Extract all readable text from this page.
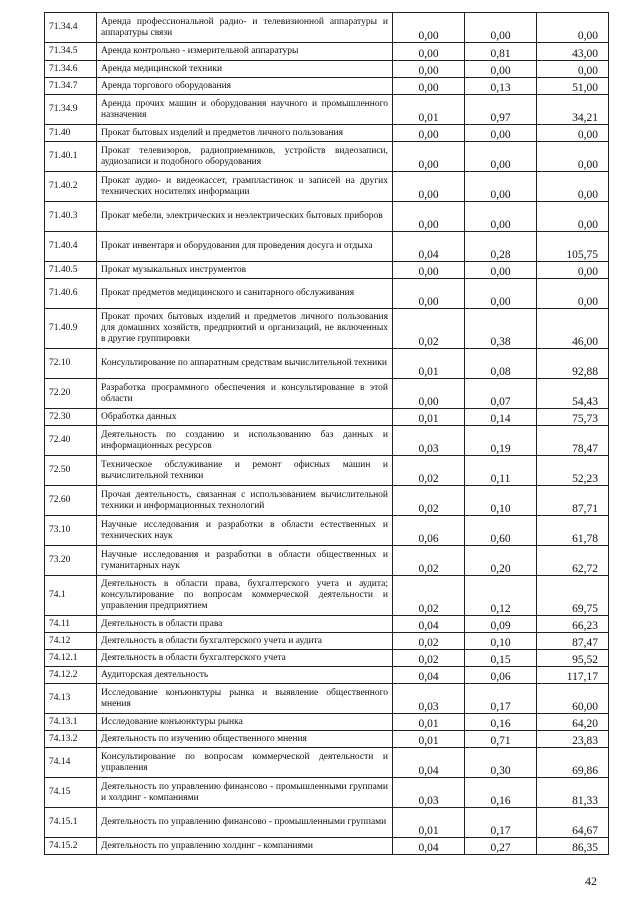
71.34.4	Аренда профессиональной радио- и телевизионной аппаратуры и аппаратуры связи	0,00	0,00	0,00
71.34.5	Аренда контрольно - измерительной аппаратуры	0,00	0,81	43,00
71.34.6	Аренда медицинской техники	0,00	0,00	0,00
71.34.7	Аренда торгового оборудования	0,00	0,13	51,00
71.34.9	Аренда прочих машин и оборудования научного и промышленного назначения	0,01	0,97	34,21
71.40	Прокат бытовых изделий и предметов личного пользования	0,00	0,00	0,00
71.40.1	Прокат телевизоров, радиоприемников, устройств видеозаписи, аудиозаписи и подобного оборудования	0,00	0,00	0,00
71.40.2	Прокат аудио- и видеокассет, грампластинок и записей на других технических носителях информации	0,00	0,00	0,00
71.40.3	Прокат мебели, электрических и неэлектрических бытовых приборов	0,00	0,00	0,00
71.40.4	Прокат инвентаря и оборудования для проведения досуга и отдыха	0,04	0,28	105,75
71.40.5	Прокат музыкальных инструментов	0,00	0,00	0,00
71.40.6	Прокат предметов медицинского и санитарного обслуживания	0,00	0,00	0,00
71.40.9	Прокат прочих бытовых изделий и предметов личного пользования для домашних хозяйств, предприятий и организаций, не включенных в другие группировки	0,02	0,38	46,00
72.10	Консультирование по аппаратным средствам вычислительной техники	0,01	0,08	92,88
72.20	Разработка программного обеспечения и консультирование в этой области	0,00	0,07	54,43
72.30	Обработка данных	0,01	0,14	75,73
72.40	Деятельность по созданию и использованию баз данных и информационных ресурсов	0,03	0,19	78,47
72.50	Техническое обслуживание и ремонт офисных машин и вычислительной техники	0,02	0,11	52,23
72.60	Прочая деятельность, связанная с использованием вычислительной техники и информационных технологий	0,02	0,10	87,71
73.10	Научные исследования и разработки в области естественных и технических наук	0,06	0,60	61,78
73.20	Научные исследования и разработки в области общественных и гуманитарных наук	0,02	0,20	62,72
74.1	Деятельность в области права, бухгалтерского учета и аудита; консультирование по вопросам коммерческой деятельности и управления предприятием	0,02	0,12	69,75
74.11	Деятельность в области права	0,04	0,09	66,23
74.12	Деятельность в области бухгалтерского учета и аудита	0,02	0,10	87,47
74.12.1	Деятельность в области бухгалтерского учета	0,02	0,15	95,52
74.12.2	Аудиторская деятельность	0,04	0,06	117,17
74.13	Исследование конъюнктуры рынка и выявление общественного мнения	0,03	0,17	60,00
74.13.1	Исследование конъюнктуры рынка	0,01	0,16	64,20
74.13.2	Деятельность по изучению общественного мнения	0,01	0,71	23,83
74.14	Консультирование по вопросам коммерческой деятельности и управления	0,04	0,30	69,86
74.15	Деятельность по управлению финансово - промышленными группами и холдинг - компаниями	0,03	0,16	81,33
74.15.1	Деятельность по управлению финансово - промышленными группами	0,01	0,17	64,67
74.15.2	Деятельность по управлению холдинг - компаниями	0,04	0,27	86,35
42
